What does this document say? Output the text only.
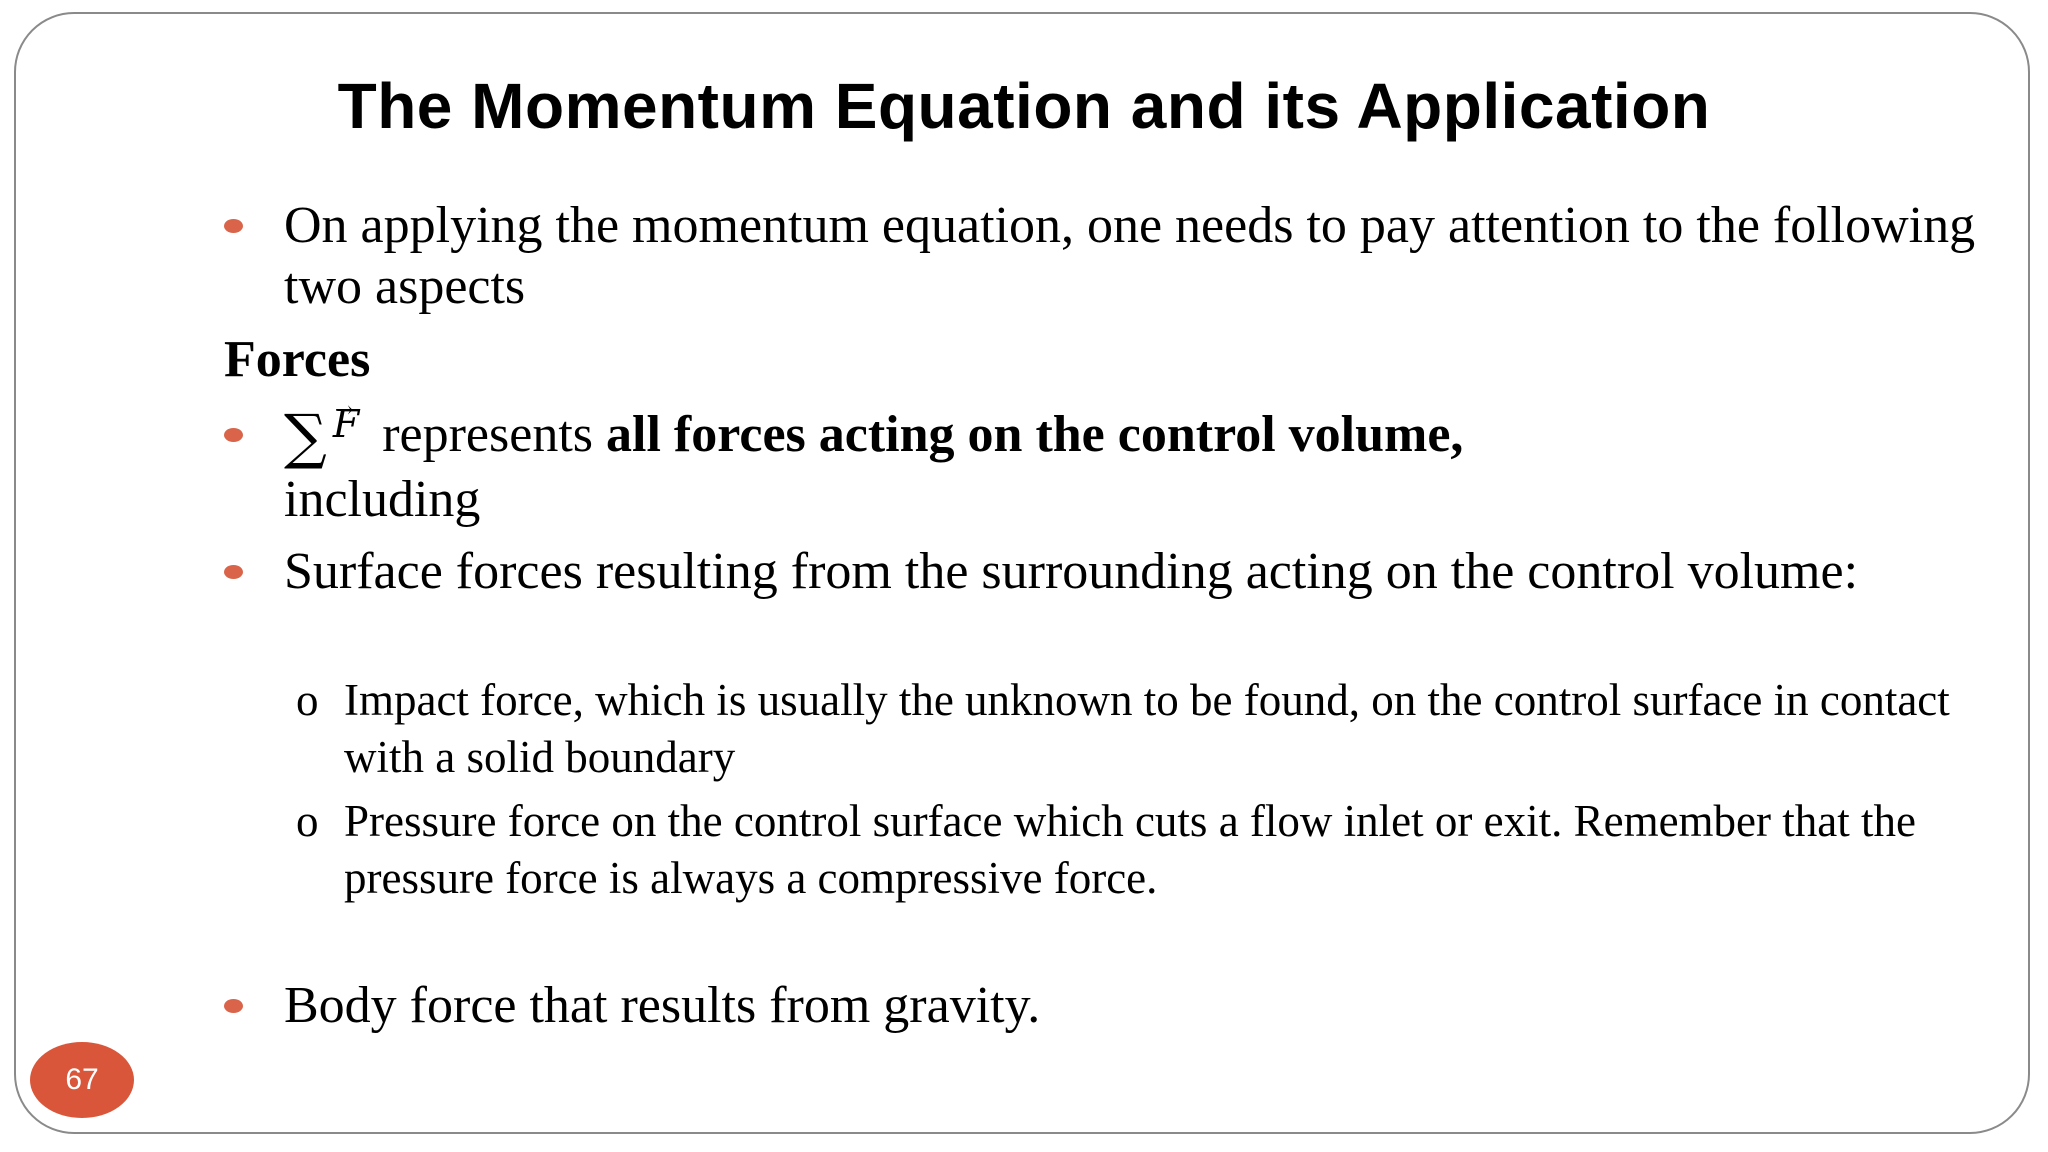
The Momentum Equation and its Application
On applying the momentum equation, one needs to pay attention to the following two aspects
Forces
∑→ $^F$ represents all forces acting on the control volume,
including
Surface forces resulting from the surrounding acting on the control volume:
o Impact force, which is usually the unknown to be found, on the control surface in contact with a solid boundary
o Pressure force on the control surface which cuts a flow inlet or exit. Remember that the pressure force is always a compressive force.
Body force that results from gravity.
67
